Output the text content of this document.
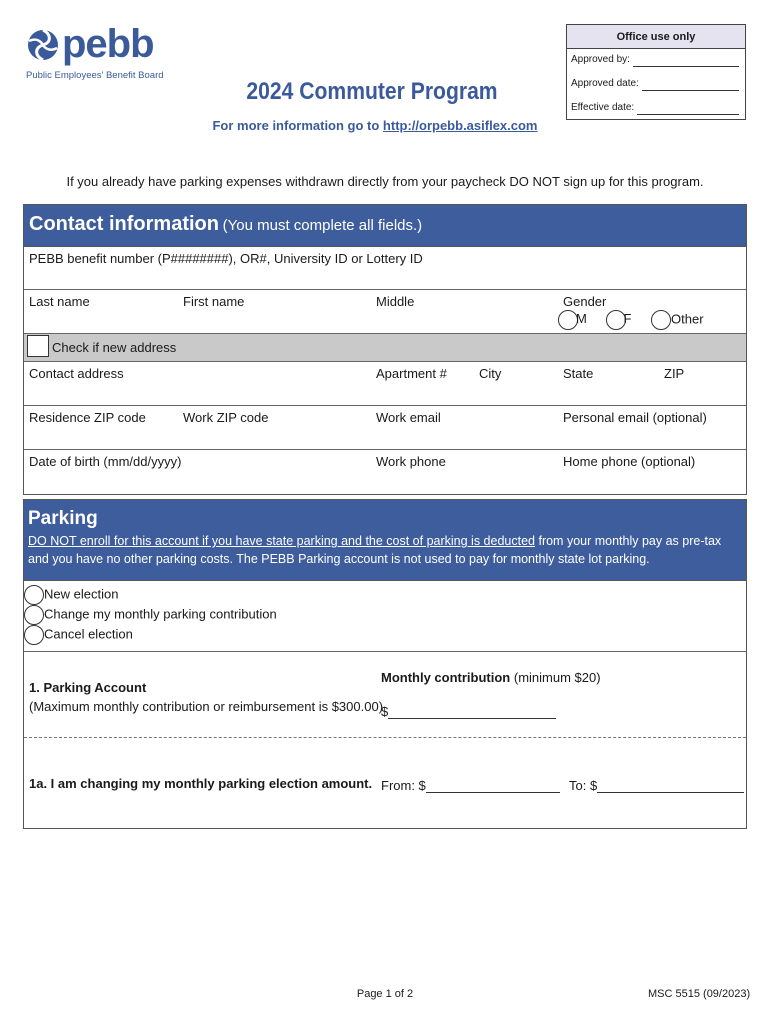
pebb
Public Employees' Benefit Board
2024 Commuter Program
For more information go to http://orpebb.asiflex.com
Office use only
Approved by:
Approved date:
Effective date:
If you already have parking expenses withdrawn directly from your paycheck DO NOT sign up for this program.
Contact information (You must complete all fields.)
PEBB benefit number (P########), OR#, University ID or Lottery ID
Last name	First name	Middle	Gender
M	F	Other
Check if new address
Contact address	Apartment # City	State	ZIP
Residence ZIP code	Work ZIP code	Work email	Personal email (optional)
Date of birth (mm/dd/yyyy)	Work phone	Home phone (optional)
Parking
DO NOT enroll for this account if you have state parking and the cost of parking is deducted from your monthly pay as pre-tax and you have no other parking costs. The PEBB Parking account is not used to pay for monthly state lot parking.
New election
Change my monthly parking contribution
Cancel election
1. Parking Account
(Maximum monthly contribution or reimbursement is $300.00)
Monthly contribution (minimum $20)
$
1a. I am changing my monthly parking election amount. From: $	To: $
Page 1 of 2	MSC 5515 (09/2023)
